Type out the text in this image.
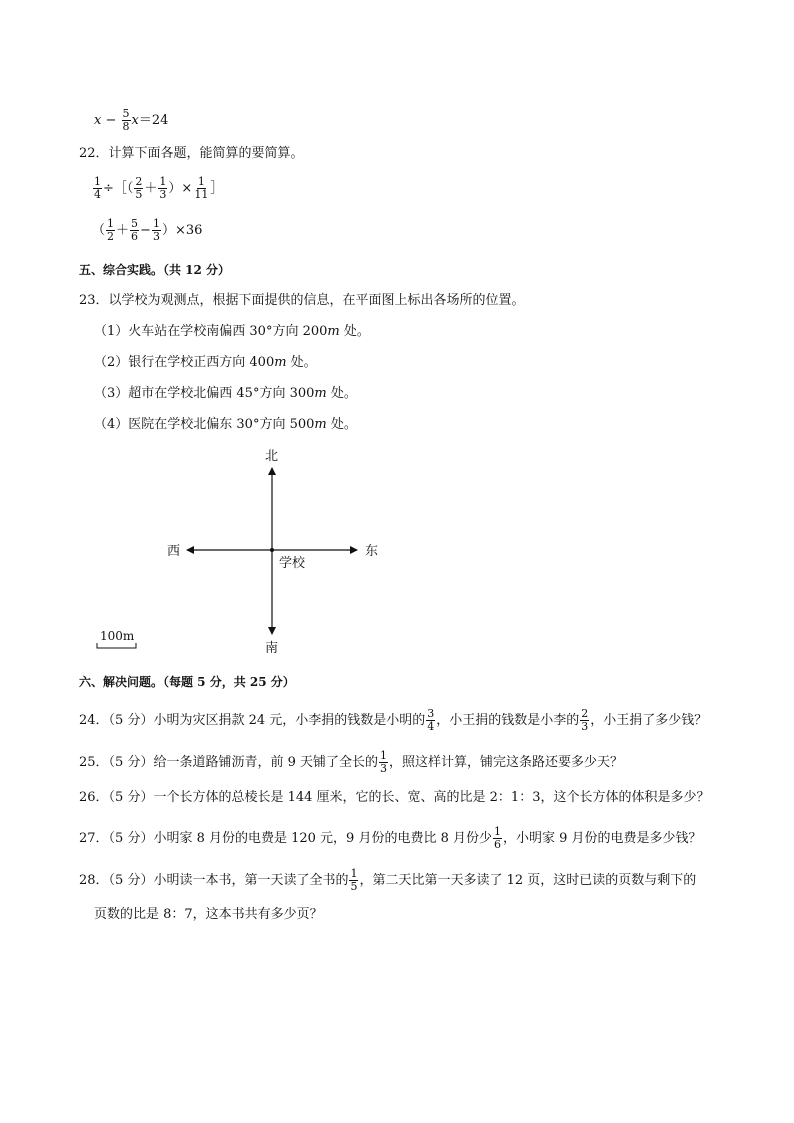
$x - \frac{5}{8} x=24$
22．计算下面各题，能简算的要简算。
$\frac{1}{4}$ ÷［（ $\frac{2}{5} + \frac{1}{3}$ ）× $\frac{1}{11}$ ］
（ $\frac{1}{2} + \frac{5}{6} - \frac{1}{3} )\times 36$
五、综合实践。（共 12 分）
23．以学校为观测点，根据下面提供的信息，在平面图上标出各场所的位置。
（1）火车站在学校南偏西 30°方向 200m 处。
（2）银行在学校正西方向 400m 处。
（3）超市在学校北偏西 45°方向 300m 处。
（4）医院在学校北偏东 30°方向 500m 处。
北
南
西	东
学校
100m
六、解决问题。（每题 5 分，共 25 分）
24．（5 分）小明为灾区捐款 24 元，小李捐的钱数是小明的 $\frac{3}{4}$ ，小王捐的钱数是小李的 $\frac{2}{3}$ ，小王捐了多少钱？
25．（5 分）给一条道路铺沥青，前 9 天铺了全长的 $\frac{1}{3}$ ，照这样计算，铺完这条路还要多少天？
26．（5 分）一个长方体的总棱长是 144 厘米，它的长、宽、高的比是 2：1：3，这个长方体的体积是多少？
27．（5 分）小明家 8 月份的电费是 120 元，9 月份的电费比 8 月份少 $\frac{1}{6}$ ，小明家 9 月份的电费是多少钱？
28．（5 分）小明读一本书，第一天读了全书的 $\frac{1}{5}$ ，第二天比第一天多读了 12 页，这时已读的页数与剩下的
页数的比是 8：7，这本书共有多少页？
